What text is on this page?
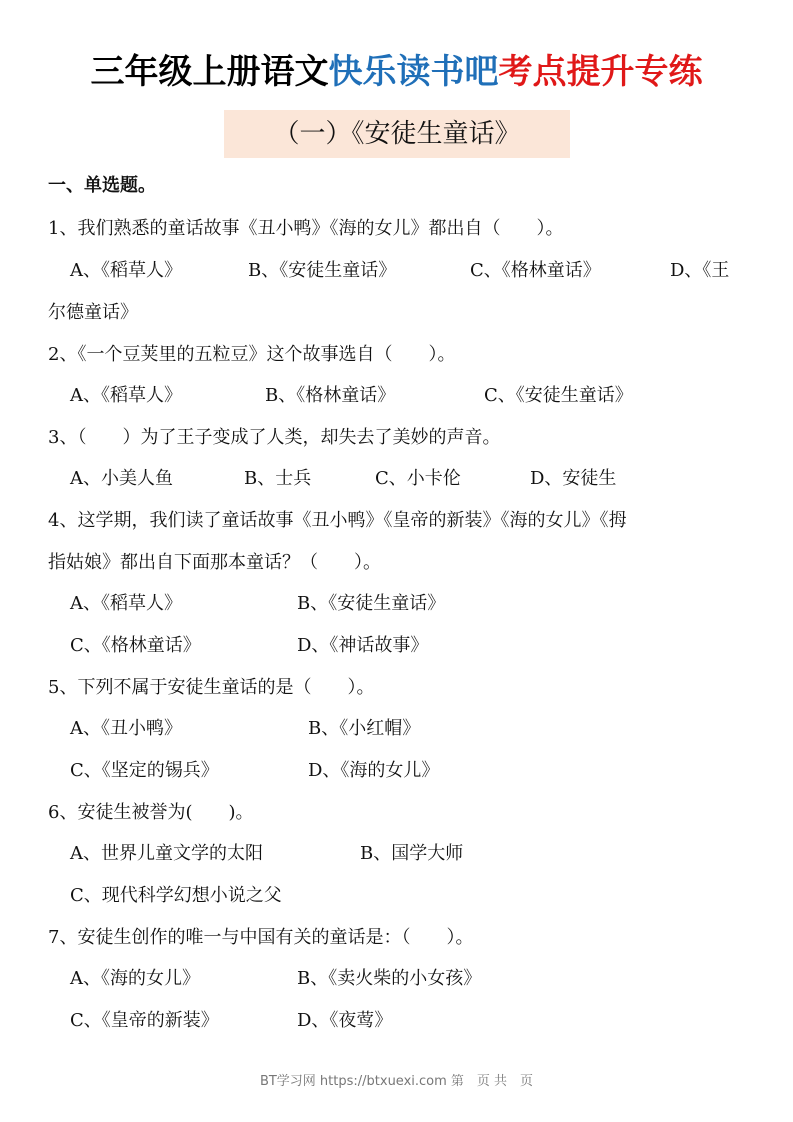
三年级上册语文快乐读书吧考点提升专练
（一）《安徒生童话》
一、单选题。
1、我们熟悉的童话故事《丑小鸭》《海的女儿》都出自（　　）。
A、《稻草人》	B、《安徒生童话》	C、《格林童话》	D、《王
尔德童话》
2、《一个豆荚里的五粒豆》这个故事选自（　　）。
A、《稻草人》	B、《格林童话》	C、《安徒生童话》
3、（　　）为了王子变成了人类，却失去了美妙的声音。
A、小美人鱼	B、士兵	C、小卡伦	D、安徒生
4、这学期，我们读了童话故事《丑小鸭》《皇帝的新装》《海的女儿》《拇
指姑娘》都出自下面那本童话？（　　）。
A、《稻草人》	B、《安徒生童话》
C、《格林童话》	D、《神话故事》
5、下列不属于安徒生童话的是（　　）。
A、《丑小鸭》	B、《小红帽》
C、《坚定的锡兵》	D、《海的女儿》
6、安徒生被誉为(　　)。
A、世界儿童文学的太阳	B、国学大师
C、现代科学幻想小说之父
7、安徒生创作的唯一与中国有关的童话是：（　　）。
A、《海的女儿》	B、《卖火柴的小女孩》
C、《皇帝的新装》	D、《夜莺》
BT学习网 https://btxuexi.com 第　页 共　页
